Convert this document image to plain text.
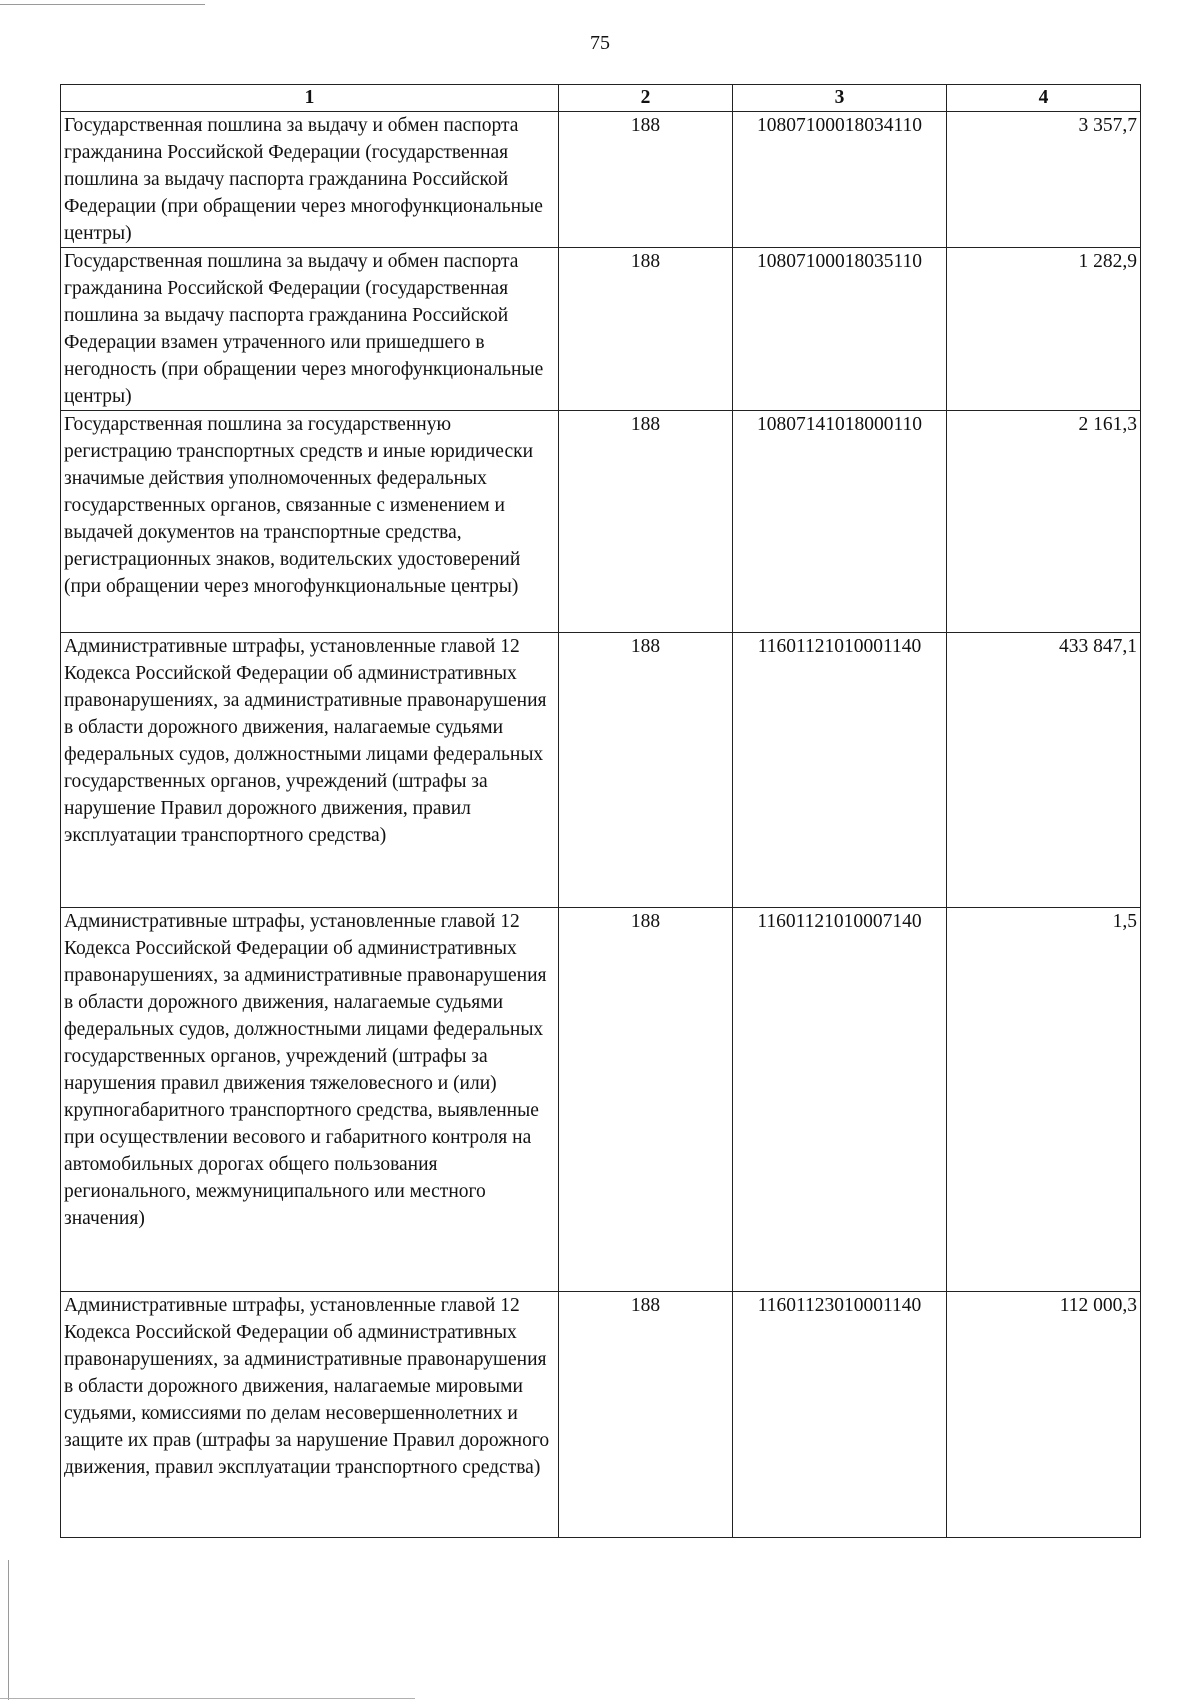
75
1	2	3	4
Государственная пошлина за выдачу и обмен паспорта гражданина Российской Федерации (государственная пошлина за выдачу паспорта гражданина Российской Федерации (при обращении через многофункциональные центры)	188	10807100018034110	3 357,7
Государственная пошлина за выдачу и обмен паспорта гражданина Российской Федерации (государственная пошлина за выдачу паспорта гражданина Российской Федерации взамен утраченного или пришедшего в негодность (при обращении через многофункциональные центры)	188	10807100018035110	1 282,9
Государственная пошлина за государственную регистрацию транспортных средств и иные юридически значимые действия уполномоченных федеральных государственных органов, связанные с изменением и выдачей документов на транспортные средства, регистрационных знаков, водительских удостоверений (при обращении через многофункциональные центры)	188	10807141018000110	2 161,3
Административные штрафы, установленные главой 12 Кодекса Российской Федерации об административных правонарушениях, за административные правонарушения в области дорожного движения, налагаемые судьями федеральных судов, должностными лицами федеральных государственных органов, учреждений (штрафы за нарушение Правил дорожного движения, правил эксплуатации транспортного средства)	188	11601121010001140	433 847,1
Административные штрафы, установленные главой 12 Кодекса Российской Федерации об административных правонарушениях, за административные правонарушения в области дорожного движения, налагаемые судьями федеральных судов, должностными лицами федеральных государственных органов, учреждений (штрафы за нарушения правил движения тяжеловесного и (или) крупногабаритного транспортного средства, выявленные при осуществлении весового и габаритного контроля на автомобильных дорогах общего пользования регионального, межмуниципального или местного значения)	188	11601121010007140	1,5
Административные штрафы, установленные главой 12 Кодекса Российской Федерации об административных правонарушениях, за административные правонарушения в области дорожного движения, налагаемые мировыми судьями, комиссиями по делам несовершеннолетних и защите их прав (штрафы за нарушение Правил дорожного движения, правил эксплуатации транспортного средства)	188	11601123010001140	112 000,3
